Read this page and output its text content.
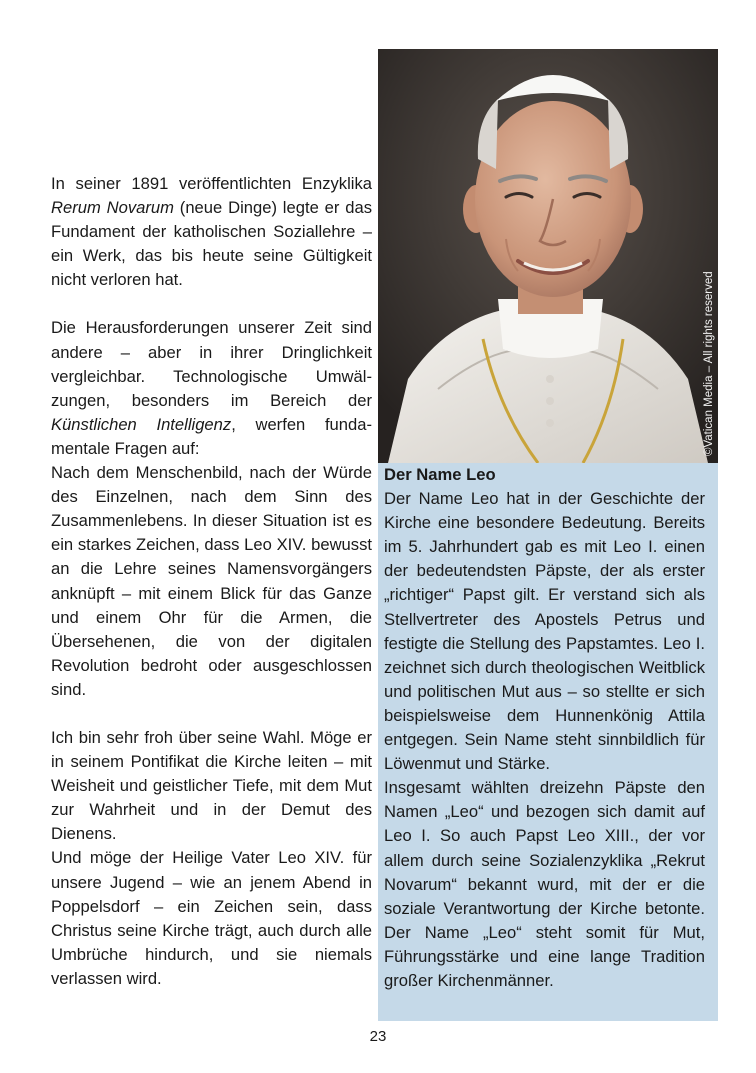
In seiner 1891 veröffentlichten Enzyklika Rerum Novarum (neue Dinge) legte er das Fundament der katholischen Soziallehre – ein Werk, das bis heute seine Gültigkeit nicht verloren hat.

Die Herausforderungen unserer Zeit sind andere – aber in ihrer Dringlichkeit vergleichbar. Technologische Umwälzungen, besonders im Bereich der Künstlichen Intelligenz, werfen fundamentale Fragen auf:

Nach dem Menschenbild, nach der Würde des Einzelnen, nach dem Sinn des Zusammenlebens. In dieser Situation ist es ein starkes Zeichen, dass Leo XIV. bewusst an die Lehre seines Namensvorgängers anknüpft – mit einem Blick für das Ganze und einem Ohr für die Armen, die Übersehenen, die von der digitalen Revolution bedroht oder ausgeschlossen sind.

Ich bin sehr froh über seine Wahl. Möge er in seinem Pontifikat die Kirche leiten – mit Weisheit und geistlicher Tiefe, mit dem Mut zur Wahrheit und in der Demut des Dienens.

Und möge der Heilige Vater Leo XIV. für unsere Jugend – wie an jenem Abend in Poppelsdorf – ein Zeichen sein, dass Christus seine Kirche trägt, auch durch alle Umbrüche hindurch, und sie niemals verlassen wird.

©Vatican Media – All rights reserved
Der Name Leo

Der Name Leo hat in der Geschichte der Kirche eine besondere Bedeutung. Bereits im 5. Jahrhundert gab es mit Leo I. einen der bedeutendsten Päpste, der als erster „richtiger“ Papst gilt. Er verstand sich als Stellvertreter des Apostels Petrus und festigte die Stellung des Papstamtes. Leo I. zeichnet sich durch theologischen Weitblick und politischen Mut aus – so stellte er sich beispielsweise dem Hunnenkönig Attila entgegen. Sein Name steht sinnbildlich für Löwenmut und Stärke.

Insgesamt wählten dreizehn Päpste den Namen „Leo“ und bezogen sich damit auf Leo I. So auch Papst Leo XIII., der vor allem durch seine Sozialenzyklika „Rekrut Novarum“ bekannt wurd, mit der er die soziale Verantwortung der Kirche betonte. Der Name „Leo“ steht somit für Mut, Führungsstärke und eine lange Tradition großer Kirchenmänner.

23
